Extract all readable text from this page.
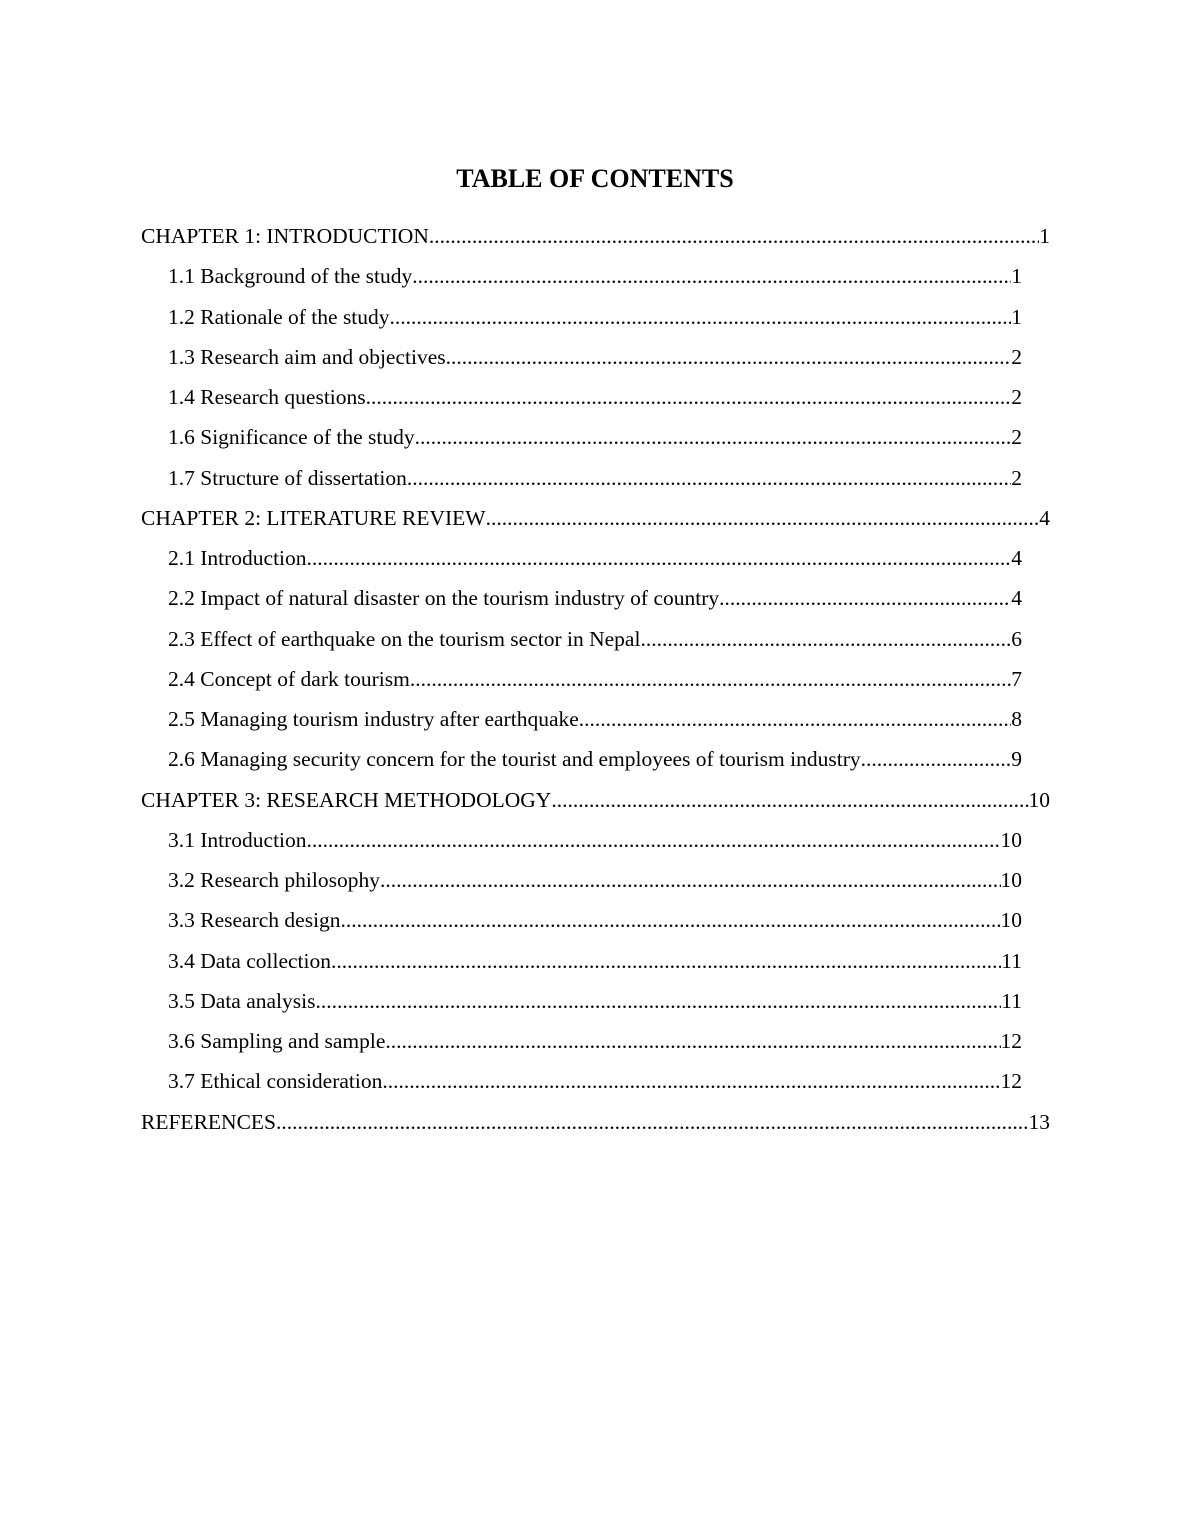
TABLE OF CONTENTS
CHAPTER 1: INTRODUCTION .....	1
1.1 Background of the study .....	1
1.2 Rationale of the study .....	1
1.3 Research aim and objectives .....	2
1.4 Research questions .....	2
1.6 Significance of the study .....	2
1.7 Structure of dissertation .....	2
CHAPTER 2: LITERATURE REVIEW .....	4
2.1 Introduction .....	4
2.2 Impact of natural disaster on the tourism industry of country .....	4
2.3 Effect of earthquake on the tourism sector in Nepal .....	6
2.4 Concept of dark tourism .....	7
2.5 Managing tourism industry after earthquake .....	8
2.6 Managing security concern for the tourist and employees of tourism industry .....	9
CHAPTER 3: RESEARCH METHODOLOGY .....	10
3.1 Introduction .....	10
3.2 Research philosophy .....	10
3.3 Research design .....	10
3.4 Data collection .....	11
3.5 Data analysis .....	11
3.6 Sampling and sample .....	12
3.7 Ethical consideration .....	12
REFERENCES .....	13
